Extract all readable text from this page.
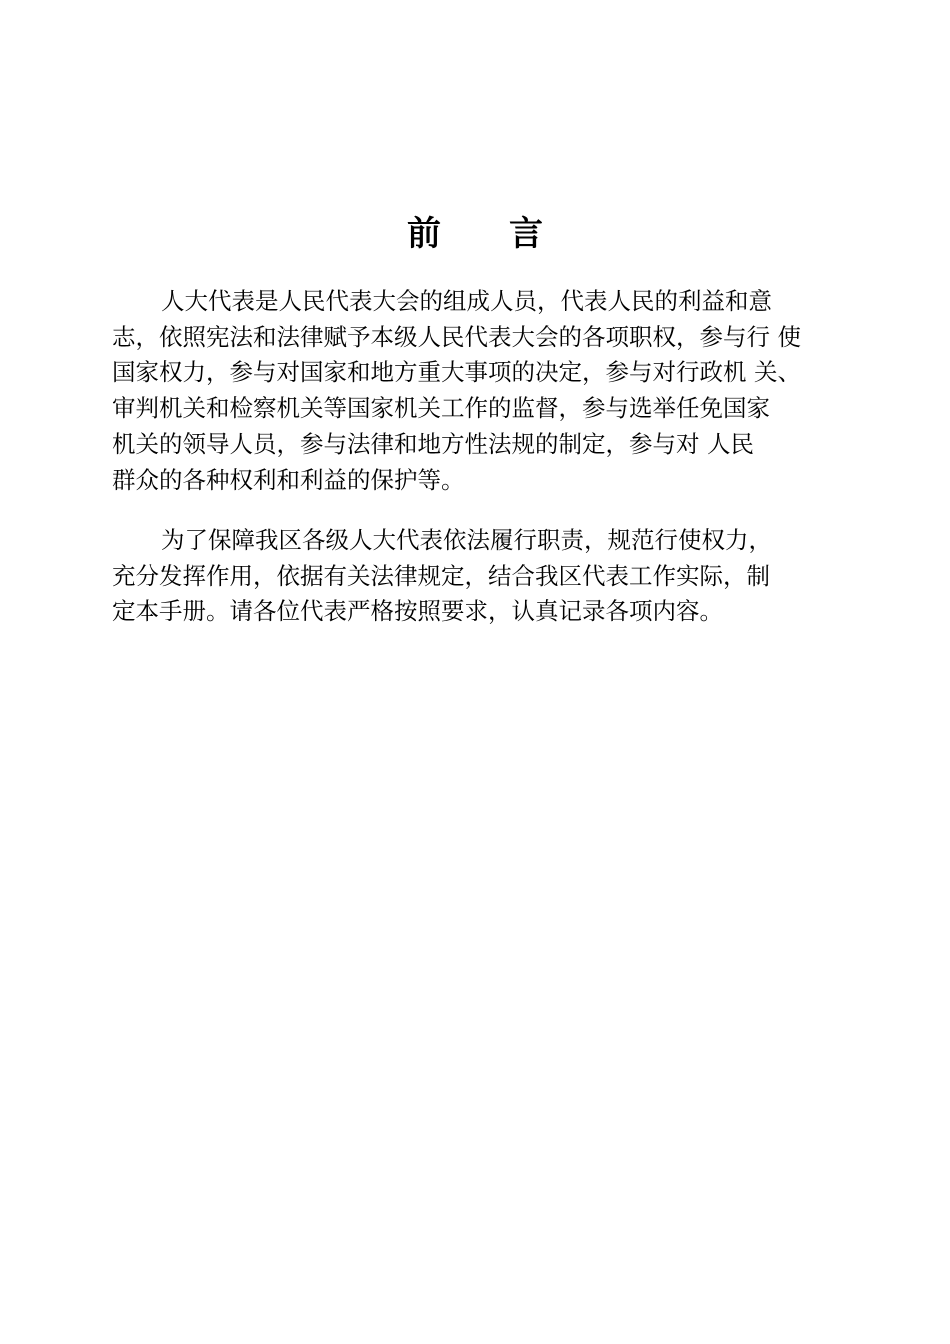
前　　言
人大代表是人民代表大会的组成人员，代表人民的利益和意
志，依照宪法和法律赋予本级人民代表大会的各项职权，参与行 使
国家权力，参与对国家和地方重大事项的决定，参与对行政机 关、
审判机关和检察机关等国家机关工作的监督，参与选举任免国家
机关的领导人员，参与法律和地方性法规的制定，参与对 人民
群众的各种权利和利益的保护等。
为了保障我区各级人大代表依法履行职责，规范行使权力，
充分发挥作用，依据有关法律规定，结合我区代表工作实际，制
定本手册。请各位代表严格按照要求，认真记录各项内容。
